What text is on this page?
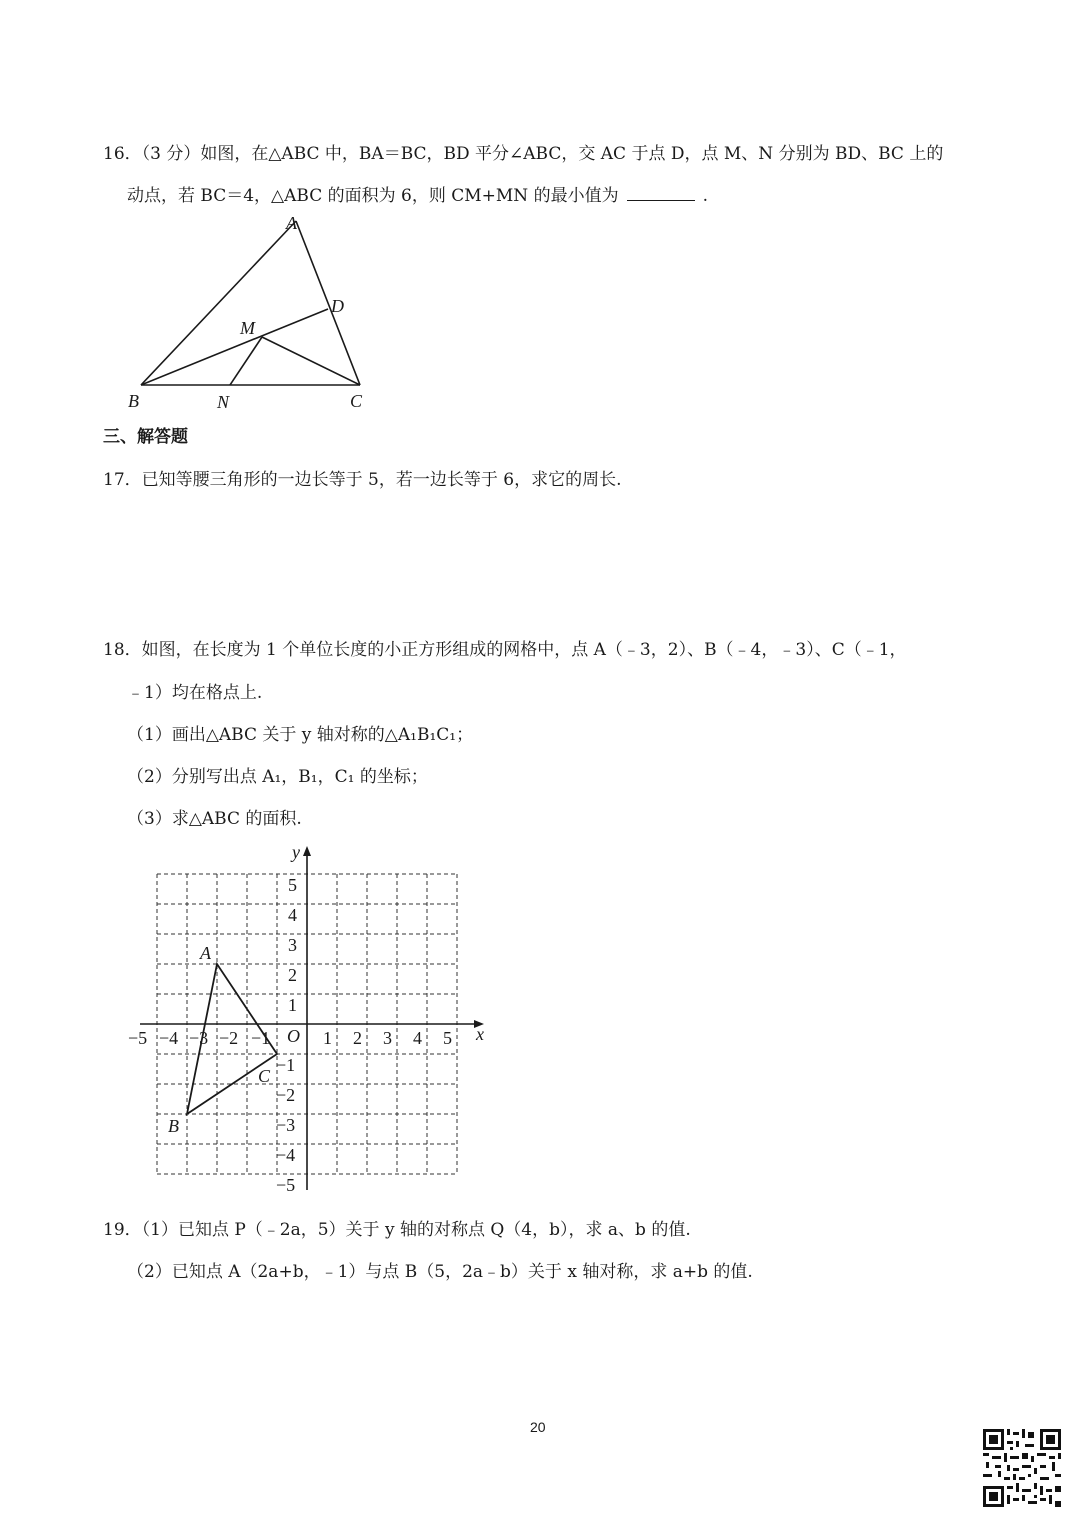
16．（3 分）如图，在△ABC 中，BA＝BC，BD 平分∠ABC，交 AC 于点 D，点 M、N 分别为 BD、BC 上的
动点，若 BC＝4，△ABC 的面积为 6，则 CM+MN 的最小值为	.
A
D
M
B	N	C
三、解答题
17．已知等腰三角形的一边长等于 5，若一边长等于 6，求它的周长.
18．如图，在长度为 1 个单位长度的小正方形组成的网格中，点 A（﹣3，2）、B（﹣4，﹣3）、C（﹣1，
﹣1）均在格点上.
（1）画出△ABC 关于 y 轴对称的△A₁B₁C₁；
（2）分别写出点 A₁，B₁，C₁ 的坐标；
（3）求△ABC 的面积.
x
y
O
−5 −4 −3 −2 −1	1 2 3 4 5
5
4
3
2
1
−1
−2
−3
−4
−5
A
B
C
19．（1）已知点 P（﹣2a，5）关于 y 轴的对称点 Q（4，b），求 a、b 的值.
（2）已知点 A（2a+b，﹣1）与点 B（5，2a﹣b）关于 x 轴对称，求 a+b 的值.
20
